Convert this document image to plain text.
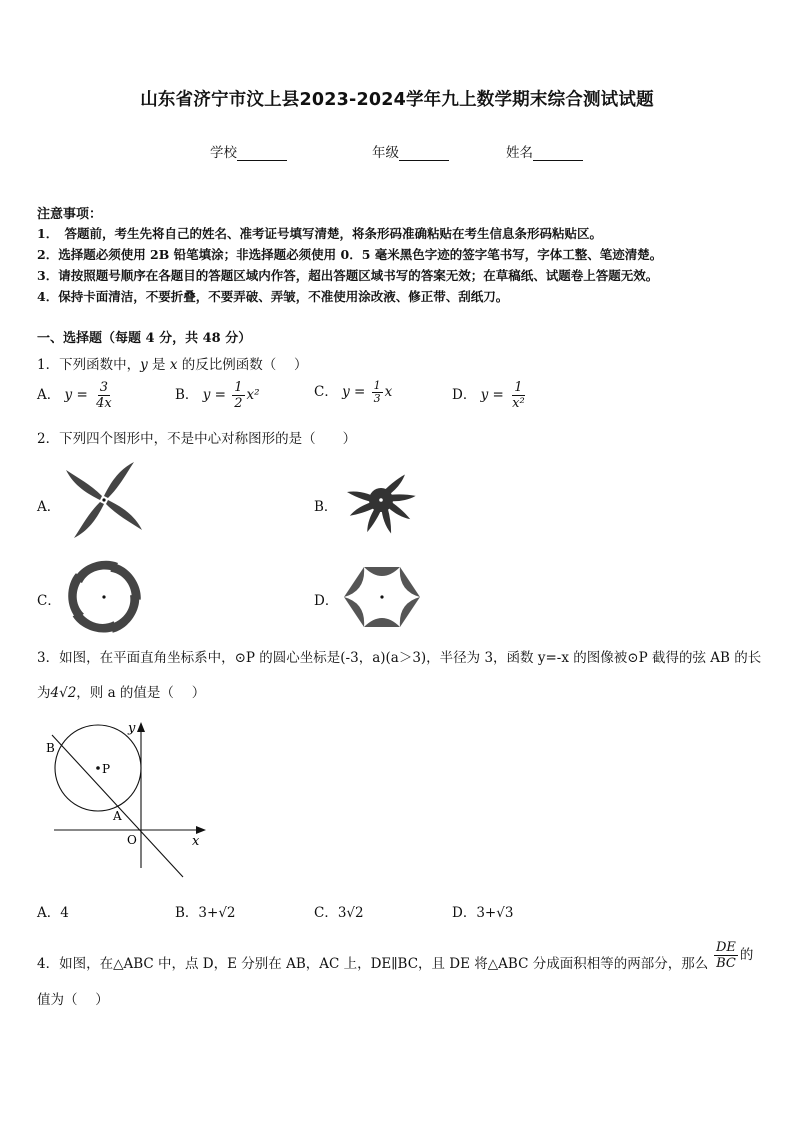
山东省济宁市汶上县2023-2024学年九上数学期末综合测试试题
学校	年级	姓名
注意事项：
1．　答题前，考生先将自己的姓名、准考证号填写清楚，将条形码准确粘贴在考生信息条形码粘贴区。
2．选择题必须使用 2B 铅笔填涂；非选择题必须使用 0．5 毫米黑色字迹的签字笔书写，字体工整、笔迹清楚。
3．请按照题号顺序在各题目的答题区域内作答，超出答题区域书写的答案无效；在草稿纸、试题卷上答题无效。
4．保持卡面清洁，不要折叠，不要弄破、弄皱，不准使用涂改液、修正带、刮纸刀。
一、选择题（每题 4 分，共 48 分）
1．下列函数中，y 是 x 的反比例函数（　 ）
A． $y = \frac{3}{4x}$	B． $y = \frac{1}{2} x^2$	C． $y = \frac{1}{3}$ x	D． $y = \frac{1}{\text{x²}}$
2．下列四个图形中，不是中心对称图形的是（　　）
A．	B．
C．	D．
3．如图，在平面直角坐标系中，⊙P 的圆心坐标是(-3，a)(a＞3)，半径为 3，函数 y=-x 的图像被⊙P 截得的弦 AB 的长
为4√2，则 a 的值是（　 ）
B
P
A
O	x
y
A．4	B．3+√2	C．3√2	D．3+√3
4．如图，在△ABC 中，点 D，E 分别在 AB，AC 上，DE∥BC，且 DE 将△ABC 分成面积相等的两部分，那么 $\frac{DE}{BC}$ 的
值为（　 ）
